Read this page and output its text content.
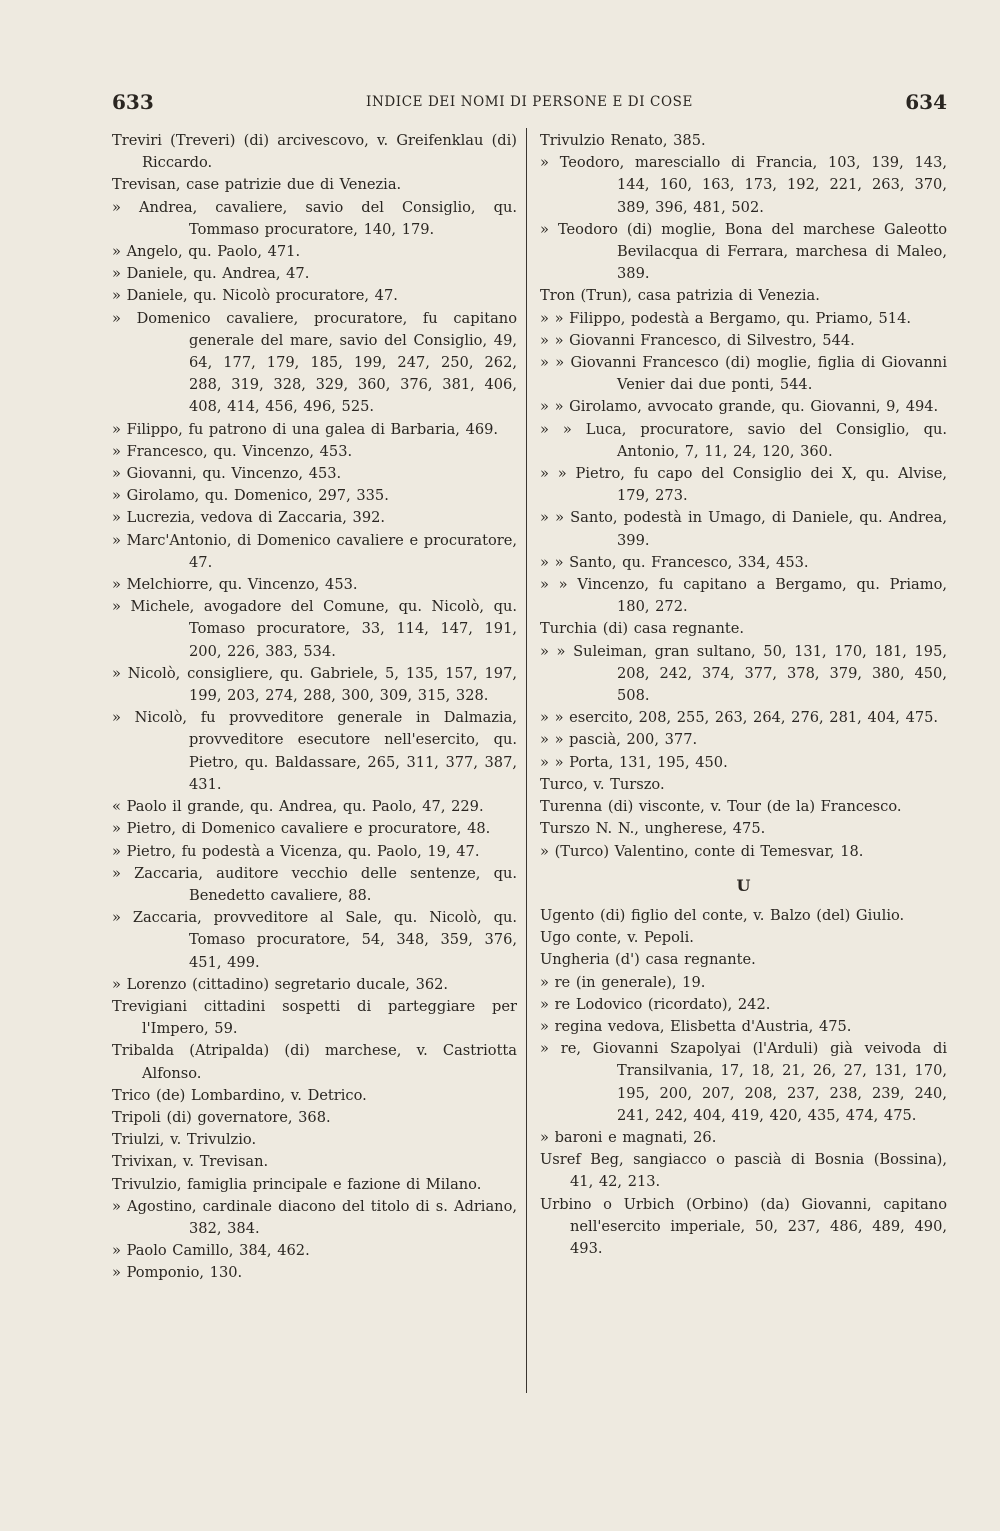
633	INDICE DEI NOMI DI PERSONE E DI COSE	634

Treviri (Treveri) (di) arcivescovo, v. Greifenklau (di) Riccardo.

Trevisan, case patrizie due di Venezia.

» Andrea, cavaliere, savio del Consiglio, qu. Tommaso procuratore, 140, 179.

» Angelo, qu. Paolo, 471.

» Daniele, qu. Andrea, 47.

» Daniele, qu. Nicolò procuratore, 47.

» Domenico cavaliere, procuratore, fu capitano generale del mare, savio del Consiglio, 49, 64, 177, 179, 185, 199, 247, 250, 262, 288, 319, 328, 329, 360, 376, 381, 406, 408, 414, 456, 496, 525.

» Filippo, fu patrono di una galea di Barbaria, 469.

» Francesco, qu. Vincenzo, 453.

» Giovanni, qu. Vincenzo, 453.

» Girolamo, qu. Domenico, 297, 335.

» Lucrezia, vedova di Zaccaria, 392.

» Marc'Antonio, di Domenico cavaliere e procuratore, 47.

» Melchiorre, qu. Vincenzo, 453.

» Michele, avogadore del Comune, qu. Nicolò, qu. Tomaso procuratore, 33, 114, 147, 191, 200, 226, 383, 534.

» Nicolò, consigliere, qu. Gabriele, 5, 135, 157, 197, 199, 203, 274, 288, 300, 309, 315, 328.

» Nicolò, fu provveditore generale in Dalmazia, provveditore esecutore nell'esercito, qu. Pietro, qu. Baldassare, 265, 311, 377, 387, 431.

« Paolo il grande, qu. Andrea, qu. Paolo, 47, 229.

» Pietro, di Domenico cavaliere e procuratore, 48.

» Pietro, fu podestà a Vicenza, qu. Paolo, 19, 47.

» Zaccaria, auditore vecchio delle sentenze, qu. Benedetto cavaliere, 88.

» Zaccaria, provveditore al Sale, qu. Nicolò, qu. Tomaso procuratore, 54, 348, 359, 376, 451, 499.

» Lorenzo (cittadino) segretario ducale, 362.

Trevigiani cittadini sospetti di parteggiare per l'Impero, 59.

Tribalda (Atripalda) (di) marchese, v. Castriotta Alfonso.

Trico (de) Lombardino, v. Detrico.

Tripoli (di) governatore, 368.

Triulzi, v. Trivulzio.

Trivixan, v. Trevisan.

Trivulzio, famiglia principale e fazione di Milano.

» Agostino, cardinale diacono del titolo di s. Adriano, 382, 384.

» Paolo Camillo, 384, 462.

» Pomponio, 130.

Trivulzio Renato, 385.

» Teodoro, maresciallo di Francia, 103, 139, 143, 144, 160, 163, 173, 192, 221, 263, 370, 389, 396, 481, 502.

» Teodoro (di) moglie, Bona del marchese Galeotto Bevilacqua di Ferrara, marchesa di Maleo, 389.

Tron (Trun), casa patrizia di Venezia.

» » Filippo, podestà a Bergamo, qu. Priamo, 514.

» » Giovanni Francesco, di Silvestro, 544.

» » Giovanni Francesco (di) moglie, figlia di Giovanni Venier dai due ponti, 544.

» » Girolamo, avvocato grande, qu. Giovanni, 9, 494.

» » Luca, procuratore, savio del Consiglio, qu. Antonio, 7, 11, 24, 120, 360.

» » Pietro, fu capo del Consiglio dei X, qu. Alvise, 179, 273.

» » Santo, podestà in Umago, di Daniele, qu. Andrea, 399.

» » Santo, qu. Francesco, 334, 453.

» » Vincenzo, fu capitano a Bergamo, qu. Priamo, 180, 272.

Turchia (di) casa regnante.

» » Suleiman, gran sultano, 50, 131, 170, 181, 195, 208, 242, 374, 377, 378, 379, 380, 450, 508.

» » esercito, 208, 255, 263, 264, 276, 281, 404, 475.

» » pascià, 200, 377.

» » Porta, 131, 195, 450.

Turco, v. Turszo.

Turenna (di) visconte, v. Tour (de la) Francesco.

Turszo N. N., ungherese, 475.

» (Turco) Valentino, conte di Temesvar, 18.

U

Ugento (di) figlio del conte, v. Balzo (del) Giulio.

Ugo conte, v. Pepoli.

Ungheria (d') casa regnante.

» re (in generale), 19.

» re Lodovico (ricordato), 242.

» regina vedova, Elisbetta d'Austria, 475.

» re, Giovanni Szapolyai (l'Arduli) già veivoda di Transilvania, 17, 18, 21, 26, 27, 131, 170, 195, 200, 207, 208, 237, 238, 239, 240, 241, 242, 404, 419, 420, 435, 474, 475.

» baroni e magnati, 26.

Usref Beg, sangiacco o pascià di Bosnia (Bossina), 41, 42, 213.

Urbino o Urbich (Orbino) (da) Giovanni, capitano nell'esercito imperiale, 50, 237, 486, 489, 490, 493.
